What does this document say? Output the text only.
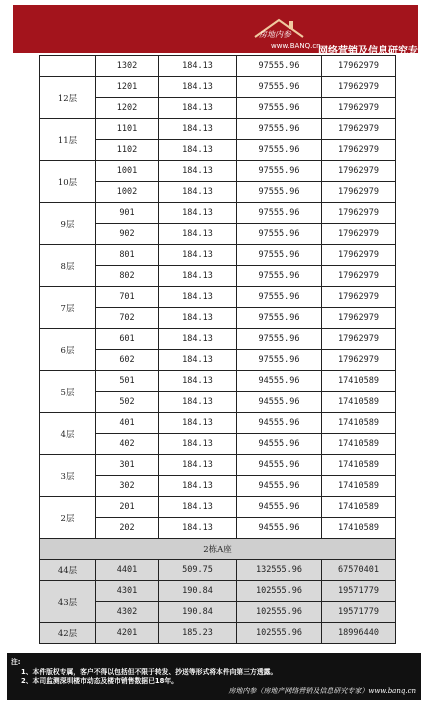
房地内参
www.BANQ.cn
网络营销及信息研究专家
	1302	184.13	97555.96	17962979
12层	1201	184.13	97555.96	17962979
	1202	184.13	97555.96	17962979
11层	1101	184.13	97555.96	17962979
	1102	184.13	97555.96	17962979
10层	1001	184.13	97555.96	17962979
	1002	184.13	97555.96	17962979
9层	901	184.13	97555.96	17962979
	902	184.13	97555.96	17962979
8层	801	184.13	97555.96	17962979
	802	184.13	97555.96	17962979
7层	701	184.13	97555.96	17962979
	702	184.13	97555.96	17962979
6层	601	184.13	97555.96	17962979
	602	184.13	97555.96	17962979
5层	501	184.13	94555.96	17410589
	502	184.13	94555.96	17410589
4层	401	184.13	94555.96	17410589
	402	184.13	94555.96	17410589
3层	301	184.13	94555.96	17410589
	302	184.13	94555.96	17410589
2层	201	184.13	94555.96	17410589
	202	184.13	94555.96	17410589
2栋A座				
44层	4401	509.75	132555.96	67570401
43层	4301	190.84	102555.96	19571779
	4302	190.84	102555.96	19571779
42层	4201	185.23	102555.96	18996440
注:
1、本件版权专属，客户不得以包括但不限于转发、抄送等形式将本件向第三方透露。
2、本司监测深圳楼市动态及楼市销售数据已18年。
房地内参（房地产网络营销及信息研究专家）www.banq.cn
